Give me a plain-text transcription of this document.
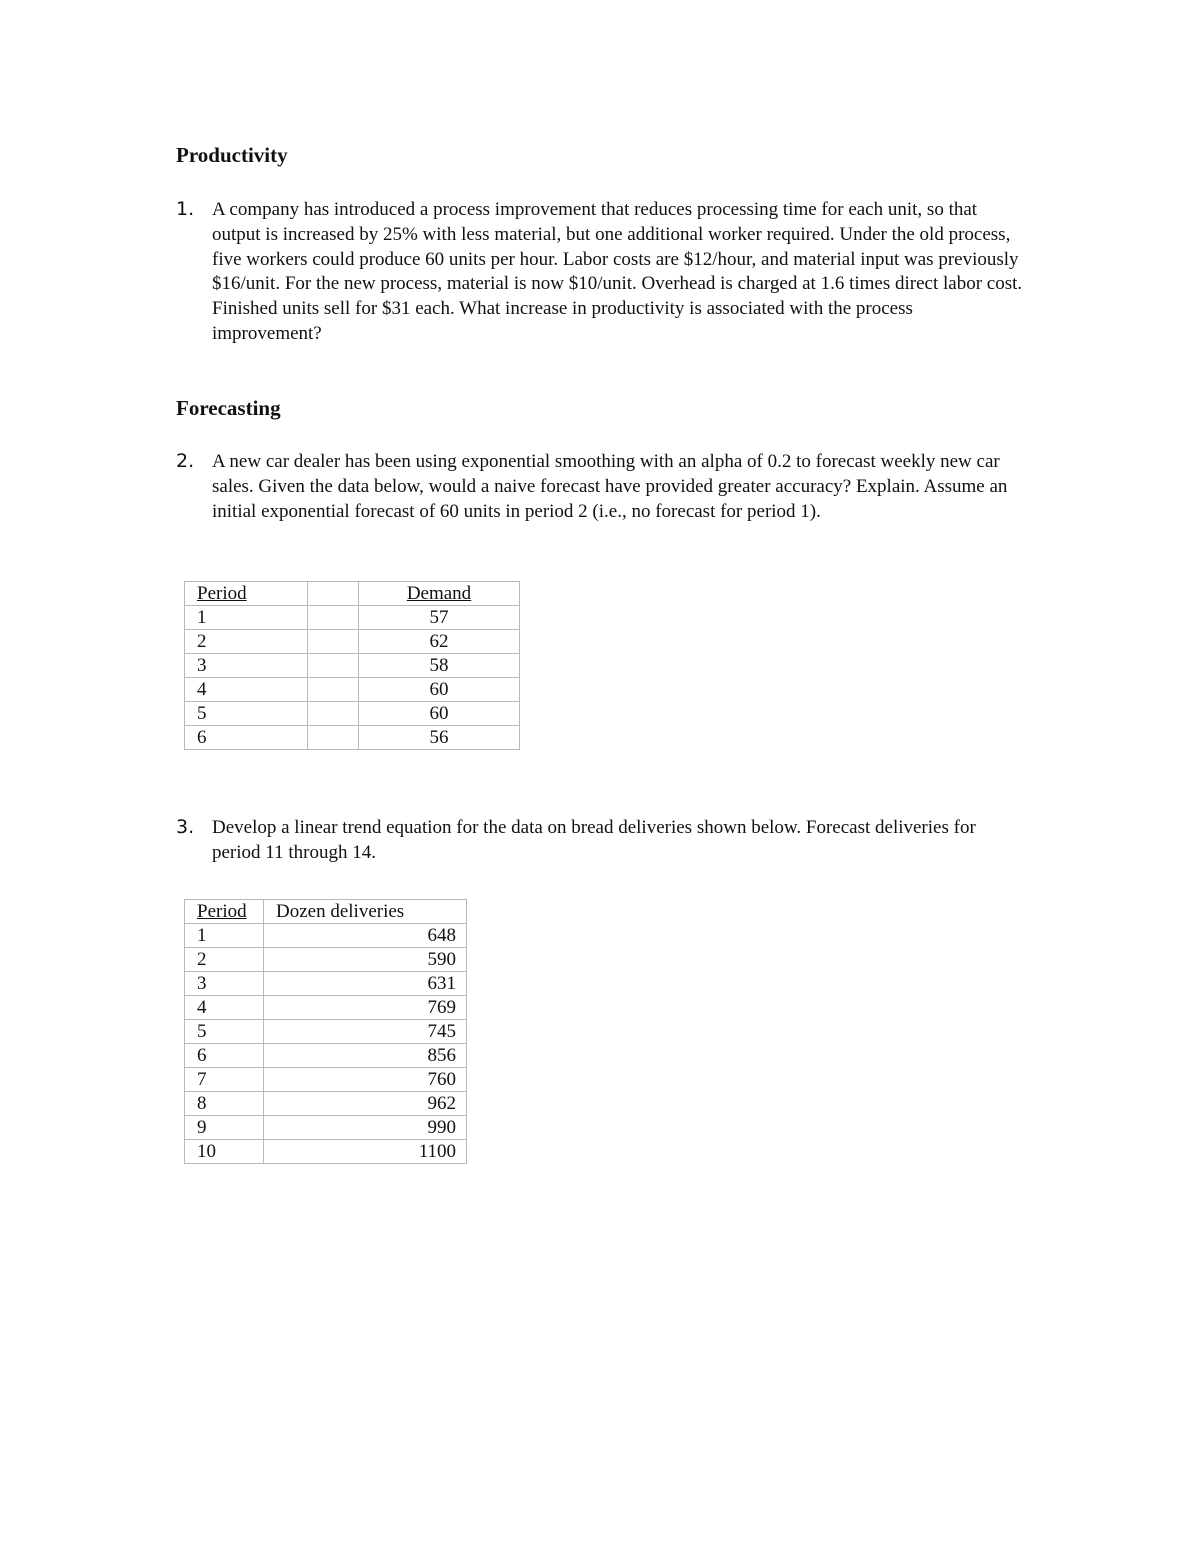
Productivity
1. A company has introduced a process improvement that reduces processing time for each unit, so that output is increased by 25% with less material, but one additional worker required. Under the old process, five workers could produce 60 units per hour. Labor costs are $12/hour, and material input was previously $16/unit. For the new process, material is now $10/unit. Overhead is charged at 1.6 times direct labor cost. Finished units sell for $31 each. What increase in productivity is associated with the process improvement?
Forecasting
2. A new car dealer has been using exponential smoothing with an alpha of 0.2 to forecast weekly new car sales. Given the data below, would a naive forecast have provided greater accuracy? Explain. Assume an initial exponential forecast of 60 units in period 2 (i.e., no forecast for period 1).
Period		Demand
1		57
2		62
3		58
4		60
5		60
6		56
3. Develop a linear trend equation for the data on bread deliveries shown below. Forecast deliveries for period 11 through 14.
Period	Dozen deliveries
1	648
2	590
3	631
4	769
5	745
6	856
7	760
8	962
9	990
10	1100
